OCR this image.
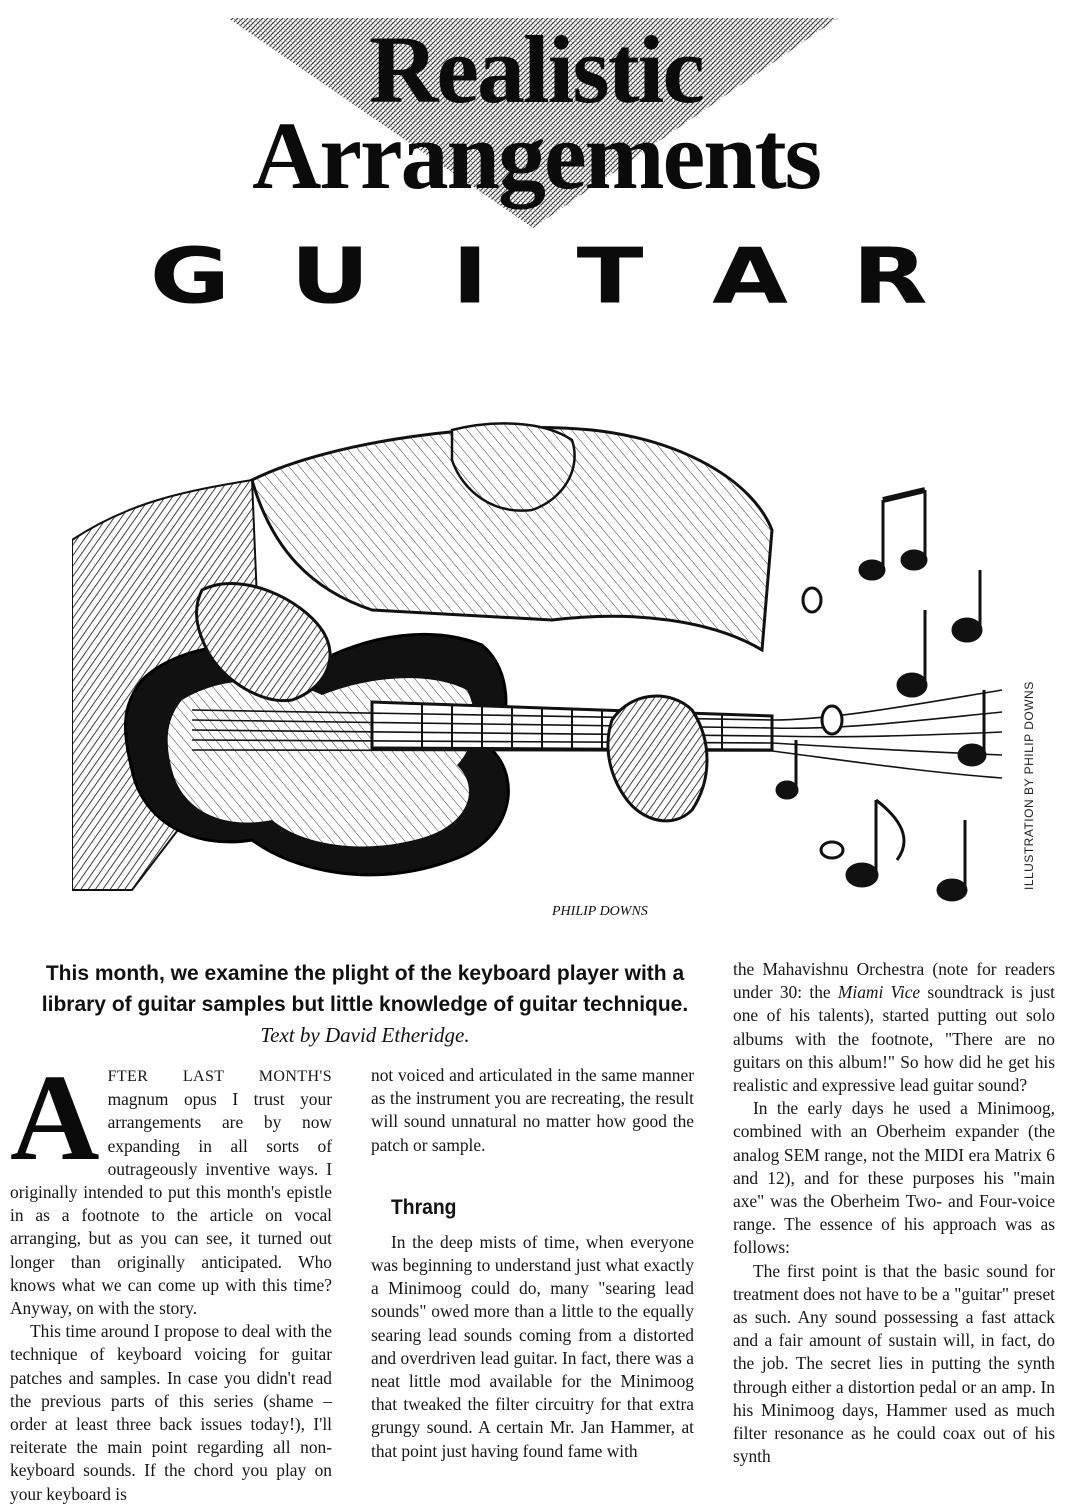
Realistic
Arrangements
G U I T A R
PHILIP DOWNS
ILLUSTRATION BY PHILIP DOWNS
This month, we examine the plight of the keyboard player with a library of guitar samples but little knowledge of guitar technique. Text by David Etheridge.

AFTER LAST MONTH'S magnum opus I trust your arrangements are by now expanding in all sorts of outrageously inventive ways. I originally intended to put this month's epistle in as a footnote to the article on vocal arranging, but as you can see, it turned out longer than originally anticipated. Who knows what we can come up with this time? Anyway, on with the story.

This time around I propose to deal with the technique of keyboard voicing for guitar patches and samples. In case you didn't read the previous parts of this series (shame – order at least three back issues today!), I'll reiterate the main point regarding all non-keyboard sounds. If the chord you play on your keyboard is

not voiced and articulated in the same manner as the instrument you are recreating, the result will sound unnatural no matter how good the patch or sample.

Thrang

In the deep mists of time, when everyone was beginning to understand just what exactly a Minimoog could do, many "searing lead sounds" owed more than a little to the equally searing lead sounds coming from a distorted and overdriven lead guitar. In fact, there was a neat little mod available for the Minimoog that tweaked the filter circuitry for that extra grungy sound. A certain Mr. Jan Hammer, at that point just having found fame with

the Mahavishnu Orchestra (note for readers under 30: the Miami Vice soundtrack is just one of his talents), started putting out solo albums with the footnote, "There are no guitars on this album!" So how did he get his realistic and expressive lead guitar sound?

In the early days he used a Minimoog, combined with an Oberheim expander (the analog SEM range, not the MIDI era Matrix 6 and 12), and for these purposes his "main axe" was the Oberheim Two- and Four-voice range. The essence of his approach was as follows:

The first point is that the basic sound for treatment does not have to be a "guitar" preset as such. Any sound possessing a fast attack and a fair amount of sustain will, in fact, do the job. The secret lies in putting the synth through either a distortion pedal or an amp. In his Minimoog days, Hammer used as much filter resonance as he could coax out of his synth
